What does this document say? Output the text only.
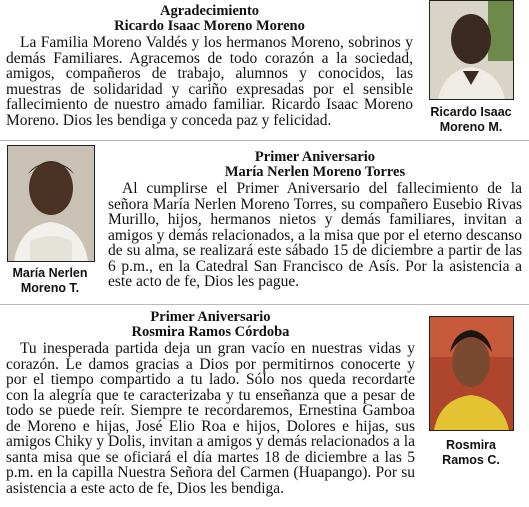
Agradecimiento
Ricardo Isaac Moreno Moreno
La Familia Moreno Valdés y los hermanos Moreno, sobrinos y demás Familiares. Agracemos de todo corazón a la sociedad, amigos, compañeros de trabajo, alumnos y conocidos, las muestras de solidaridad y cariño expresadas por el sensible fallecimiento de nuestro amado familiar. Ricardo Isaac Moreno Moreno. Dios les bendiga y conceda paz y felicidad.	Ricardo Isaac
Moreno M.
María Nerlen
Moreno T.
Primer Aniversario
María Nerlen Moreno Torres
Al cumplirse el Primer Aniversario del fallecimiento de la señora María Nerlen Moreno Torres, su compañero Eusebio Rivas Murillo, hijos, hermanos nietos y demás familiares, invitan a amigos y demás relacionados, a la misa que por el eterno descanso de su alma, se realizará este sábado 15 de diciembre a partir de las 6 p.m., en la Catedral San Francisco de Asís. Por la asistencia a este acto de fe, Dios les pague.
Primer Aniversario
Rosmira Ramos Córdoba
Tu inesperada partida deja un gran vacío en nuestras vidas y corazón. Le damos gracias a Dios por permitirnos conocerte y por el tiempo compartido a tu lado. Sólo nos queda recordarte con la alegría que te caracterizaba y tu enseñanza que a pesar de todo se puede reír. Siempre te recordaremos, Ernestina Gamboa de Moreno e hijas, José Elio Roa e hijos, Dolores e hijas, sus amigos Chiky y Dolis, invitan a amigos y demás relacionados a la santa misa que se oficiará el día martes 18 de diciembre a las 5 p.m. en la capilla Nuestra Señora del Carmen (Huapango). Por su asistencia a este acto de fe, Dios les bendiga.
Rosmira
Ramos C.
